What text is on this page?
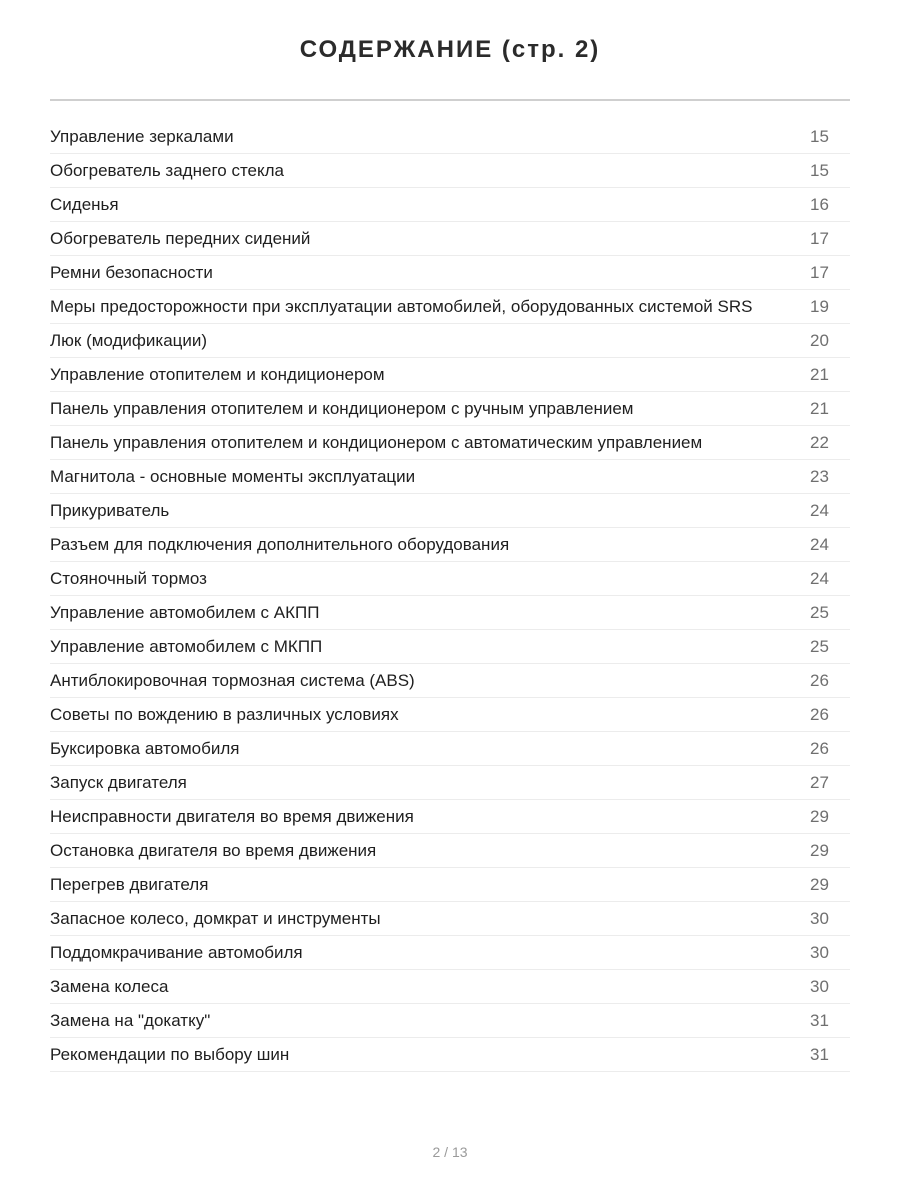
СОДЕРЖАНИЕ (стр. 2)
Управление зеркалами	15
Обогреватель заднего стекла	15
Сиденья	16
Обогреватель передних сидений	17
Ремни безопасности	17
Меры предосторожности при эксплуатации автомобилей, оборудованных системой SRS	19
Люк (модификации)	20
Управление отопителем и кондиционером	21
Панель управления отопителем и кондиционером с ручным управлением	21
Панель управления отопителем и кондиционером с автоматическим управлением	22
Магнитола - основные моменты эксплуатации	23
Прикуриватель	24
Разъем для подключения дополнительного оборудования	24
Стояночный тормоз	24
Управление автомобилем с АКПП	25
Управление автомобилем с МКПП	25
Антиблокировочная тормозная система (ABS)	26
Советы по вождению в различных условиях	26
Буксировка автомобиля	26
Запуск двигателя	27
Неисправности двигателя во время движения	29
Остановка двигателя во время движения	29
Перегрев двигателя	29
Запасное колесо, домкрат и инструменты	30
Поддомкрачивание автомобиля	30
Замена колеса	30
Замена на "докатку"	31
Рекомендации по выбору шин	31
2 / 13
